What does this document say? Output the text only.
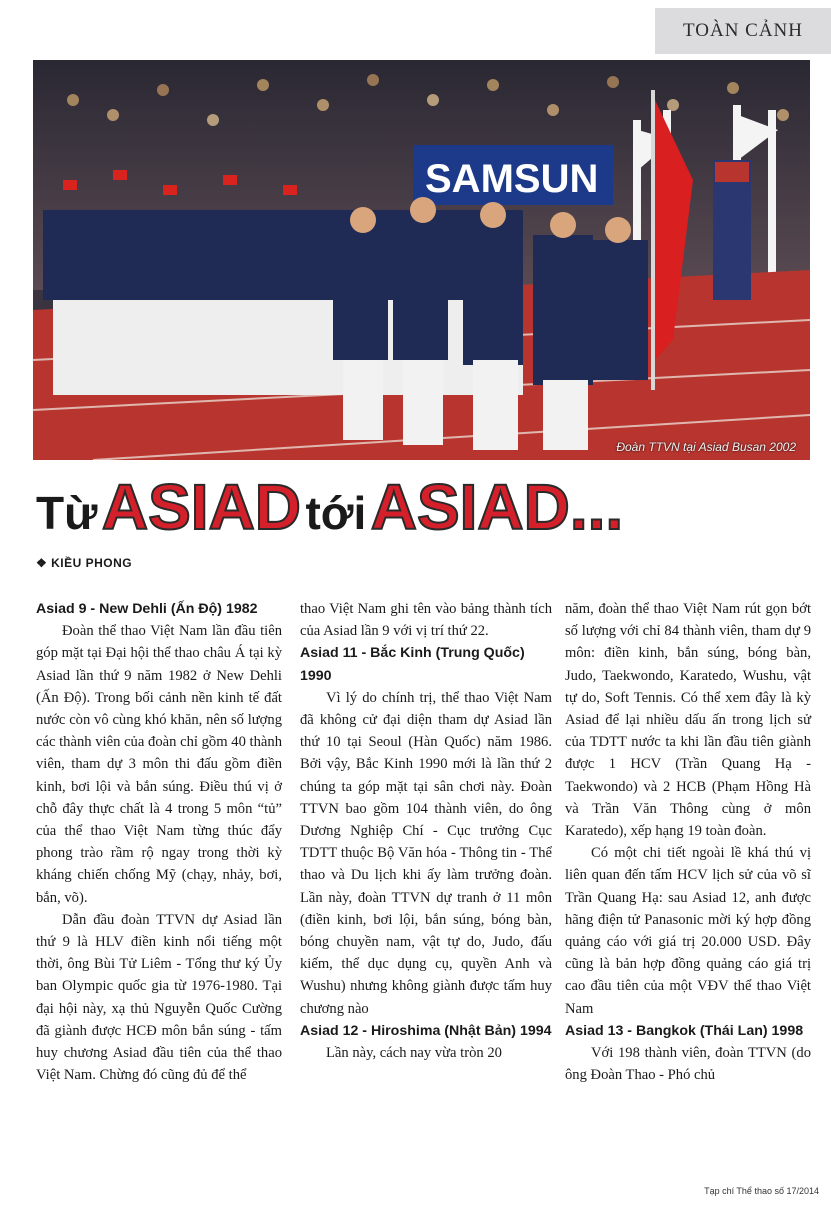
TOÀN CẢNH
SAMSUN
Đoàn TTVN tại Asiad Busan 2002
Từ ASIAD tới ASIAD...
❖ KIỀU PHONG
Asiad 9 - New Dehli (Ấn Độ) 1982

Đoàn thể thao Việt Nam lần đầu tiên góp mặt tại Đại hội thể thao châu Á tại kỳ Asiad lần thứ 9 năm 1982 ở New Dehli (Ấn Độ). Trong bối cảnh nền kinh tế đất nước còn vô cùng khó khăn, nên số lượng các thành viên của đoàn chỉ gồm 40 thành viên, tham dự 3 môn thi đấu gồm điền kinh, bơi lội và bắn súng. Điều thú vị ở chỗ đây thực chất là 4 trong 5 môn “tủ” của thể thao Việt Nam từng thúc đẩy phong trào rầm rộ ngay trong thời kỳ kháng chiến chống Mỹ (chạy, nhảy, bơi, bắn, võ).

Dẫn đầu đoàn TTVN dự Asiad lần thứ 9 là HLV điền kinh nổi tiếng một thời, ông Bùi Tử Liêm - Tổng thư ký Ủy ban Olympic quốc gia từ 1976-1980. Tại đại hội này, xạ thủ Nguyễn Quốc Cường đã giành được HCĐ môn bắn súng - tấm huy chương Asiad đầu tiên của thể thao Việt Nam. Chừng đó cũng đủ để thể

thao Việt Nam ghi tên vào bảng thành tích của Asiad lần 9 với vị trí thứ 22.

Asiad 11 - Bắc Kinh (Trung Quốc) 1990

Vì lý do chính trị, thể thao Việt Nam đã không cử đại diện tham dự Asiad lần thứ 10 tại Seoul (Hàn Quốc) năm 1986. Bởi vậy, Bắc Kinh 1990 mới là lần thứ 2 chúng ta góp mặt tại sân chơi này. Đoàn TTVN bao gồm 104 thành viên, do ông Dương Nghiệp Chí - Cục trưởng Cục TDTT thuộc Bộ Văn hóa - Thông tin - Thể thao và Du lịch khi ấy làm trưởng đoàn. Lần này, đoàn TTVN dự tranh ở 11 môn (điền kinh, bơi lội, bắn súng, bóng bàn, bóng chuyền nam, vật tự do, Judo, đấu kiếm, thể dục dụng cụ, quyền Anh và Wushu) nhưng không giành được tấm huy chương nào

Asiad 12 - Hiroshima (Nhật Bản) 1994

Lần này, cách nay vừa tròn 20

năm, đoàn thể thao Việt Nam rút gọn bớt số lượng với chỉ 84 thành viên, tham dự 9 môn: điền kinh, bắn súng, bóng bàn, Judo, Taekwondo, Karatedo, Wushu, vật tự do, Soft Tennis. Có thể xem đây là kỳ Asiad để lại nhiều dấu ấn trong lịch sử của TDTT nước ta khi lần đầu tiên giành được 1 HCV (Trần Quang Hạ - Taekwondo) và 2 HCB (Phạm Hồng Hà và Trần Văn Thông cùng ở môn Karatedo), xếp hạng 19 toàn đoàn.

Có một chi tiết ngoài lề khá thú vị liên quan đến tấm HCV lịch sử của võ sĩ Trần Quang Hạ: sau Asiad 12, anh được hãng điện tử Panasonic mời ký hợp đồng quảng cáo với giá trị 20.000 USD. Đây cũng là bản hợp đồng quảng cáo giá trị cao đầu tiên của một VĐV thể thao Việt Nam

Asiad 13 - Bangkok (Thái Lan) 1998

Với 198 thành viên, đoàn TTVN (do ông Đoàn Thao - Phó chủ

Tạp chí Thể thao số 17/2014
